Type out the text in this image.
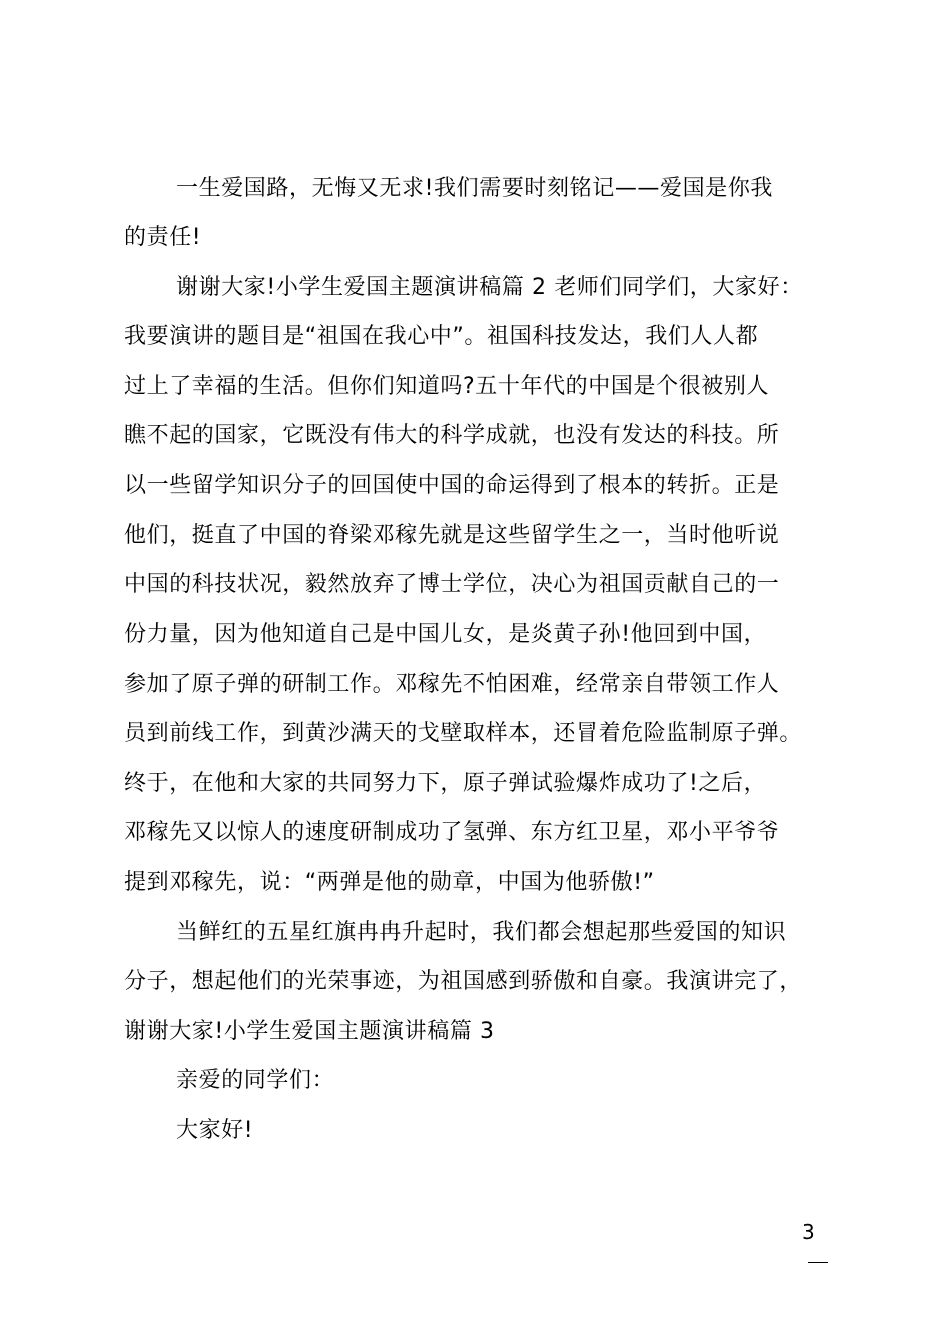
一生爱国路，无悔又无求!我们需要时刻铭记——爱国是你我
的责任!
谢谢大家!小学生爱国主题演讲稿篇 2 老师们同学们，大家好：
我要演讲的题目是“祖国在我心中”。祖国科技发达，我们人人都
过上了幸福的生活。但你们知道吗?五十年代的中国是个很被别人
瞧不起的国家，它既没有伟大的科学成就，也没有发达的科技。所
以一些留学知识分子的回国使中国的命运得到了根本的转折。正是
他们，挺直了中国的脊梁邓稼先就是这些留学生之一，当时他听说
中国的科技状况，毅然放弃了博士学位，决心为祖国贡献自己的一
份力量，因为他知道自己是中国儿女，是炎黄子孙!他回到中国，
参加了原子弹的研制工作。邓稼先不怕困难，经常亲自带领工作人
员到前线工作，到黄沙满天的戈壁取样本，还冒着危险监制原子弹。
终于，在他和大家的共同努力下，原子弹试验爆炸成功了!之后，
邓稼先又以惊人的速度研制成功了氢弹、东方红卫星，邓小平爷爷
提到邓稼先，说：“两弹是他的勋章，中国为他骄傲!”
当鲜红的五星红旗冉冉升起时，我们都会想起那些爱国的知识
分子，想起他们的光荣事迹，为祖国感到骄傲和自豪。我演讲完了，
谢谢大家!小学生爱国主题演讲稿篇 3
亲爱的同学们：
大家好!
3
